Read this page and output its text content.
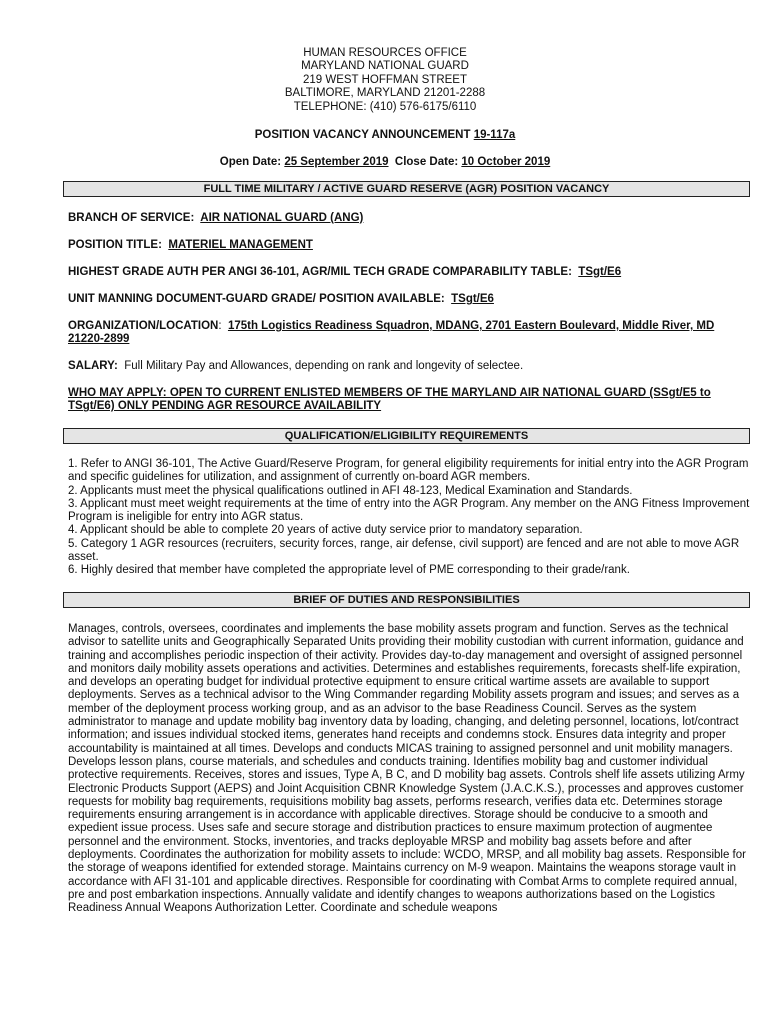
HUMAN RESOURCES OFFICE
MARYLAND NATIONAL GUARD
219 WEST HOFFMAN STREET
BALTIMORE, MARYLAND 21201-2288
TELEPHONE: (410) 576-6175/6110
POSITION VACANCY ANNOUNCEMENT 19-117a
Open Date: 25 September 2019  Close Date: 10 October 2019
FULL TIME MILITARY / ACTIVE GUARD RESERVE (AGR) POSITION VACANCY
BRANCH OF SERVICE:  AIR NATIONAL GUARD (ANG)
POSITION TITLE:  MATERIEL MANAGEMENT
HIGHEST GRADE AUTH PER ANGI 36-101, AGR/MIL TECH GRADE COMPARABILITY TABLE:  TSgt/E6
UNIT MANNING DOCUMENT-GUARD GRADE/ POSITION AVAILABLE:  TSgt/E6
ORGANIZATION/LOCATION:  175th Logistics Readiness Squadron, MDANG, 2701 Eastern Boulevard, Middle River, MD 21220-2899
SALARY:  Full Military Pay and Allowances, depending on rank and longevity of selectee.
WHO MAY APPLY: OPEN TO CURRENT ENLISTED MEMBERS OF THE MARYLAND AIR NATIONAL GUARD (SSgt/E5 to TSgt/E6) ONLY PENDING AGR RESOURCE AVAILABILITY
QUALIFICATION/ELIGIBILITY REQUIREMENTS
1. Refer to ANGI 36-101, The Active Guard/Reserve Program, for general eligibility requirements for initial entry into the AGR Program and specific guidelines for utilization, and assignment of currently on-board AGR members.
2. Applicants must meet the physical qualifications outlined in AFI 48-123, Medical Examination and Standards.
3. Applicant must meet weight requirements at the time of entry into the AGR Program. Any member on the ANG Fitness Improvement Program is ineligible for entry into AGR status.
4. Applicant should be able to complete 20 years of active duty service prior to mandatory separation.
5. Category 1 AGR resources (recruiters, security forces, range, air defense, civil support) are fenced and are not able to move AGR asset.
6. Highly desired that member have completed the appropriate level of PME corresponding to their grade/rank.
BRIEF OF DUTIES AND RESPONSIBILITIES
Manages, controls, oversees, coordinates and implements the base mobility assets program and function. Serves as the technical advisor to satellite units and Geographically Separated Units providing their mobility custodian with current information, guidance and training and accomplishes periodic inspection of their activity. Provides day-to-day management and oversight of assigned personnel and monitors daily mobility assets operations and activities. Determines and establishes requirements, forecasts shelf-life expiration, and develops an operating budget for individual protective equipment to ensure critical wartime assets are available to support deployments. Serves as a technical advisor to the Wing Commander regarding Mobility assets program and issues; and serves as a member of the deployment process working group, and as an advisor to the base Readiness Council. Serves as the system administrator to manage and update mobility bag inventory data by loading, changing, and deleting personnel, locations, lot/contract information; and issues individual stocked items, generates hand receipts and condemns stock. Ensures data integrity and proper accountability is maintained at all times. Develops and conducts MICAS training to assigned personnel and unit mobility managers. Develops lesson plans, course materials, and schedules and conducts training. Identifies mobility bag and customer individual protective requirements. Receives, stores and issues, Type A, B C, and D mobility bag assets. Controls shelf life assets utilizing Army Electronic Products Support (AEPS) and Joint Acquisition CBNR Knowledge System (J.A.C.K.S.), processes and approves customer requests for mobility bag requirements, requisitions mobility bag assets, performs research, verifies data etc. Determines storage requirements ensuring arrangement is in accordance with applicable directives. Storage should be conducive to a smooth and expedient issue process. Uses safe and secure storage and distribution practices to ensure maximum protection of augmentee personnel and the environment. Stocks, inventories, and tracks deployable MRSP and mobility bag assets before and after deployments. Coordinates the authorization for mobility assets to include: WCDO, MRSP, and all mobility bag assets. Responsible for the storage of weapons identified for extended storage. Maintains currency on M-9 weapon. Maintains the weapons storage vault in accordance with AFI 31-101 and applicable directives. Responsible for coordinating with Combat Arms to complete required annual, pre and post embarkation inspections. Annually validate and identify changes to weapons authorizations based on the Logistics Readiness Annual Weapons Authorization Letter. Coordinate and schedule weapons
